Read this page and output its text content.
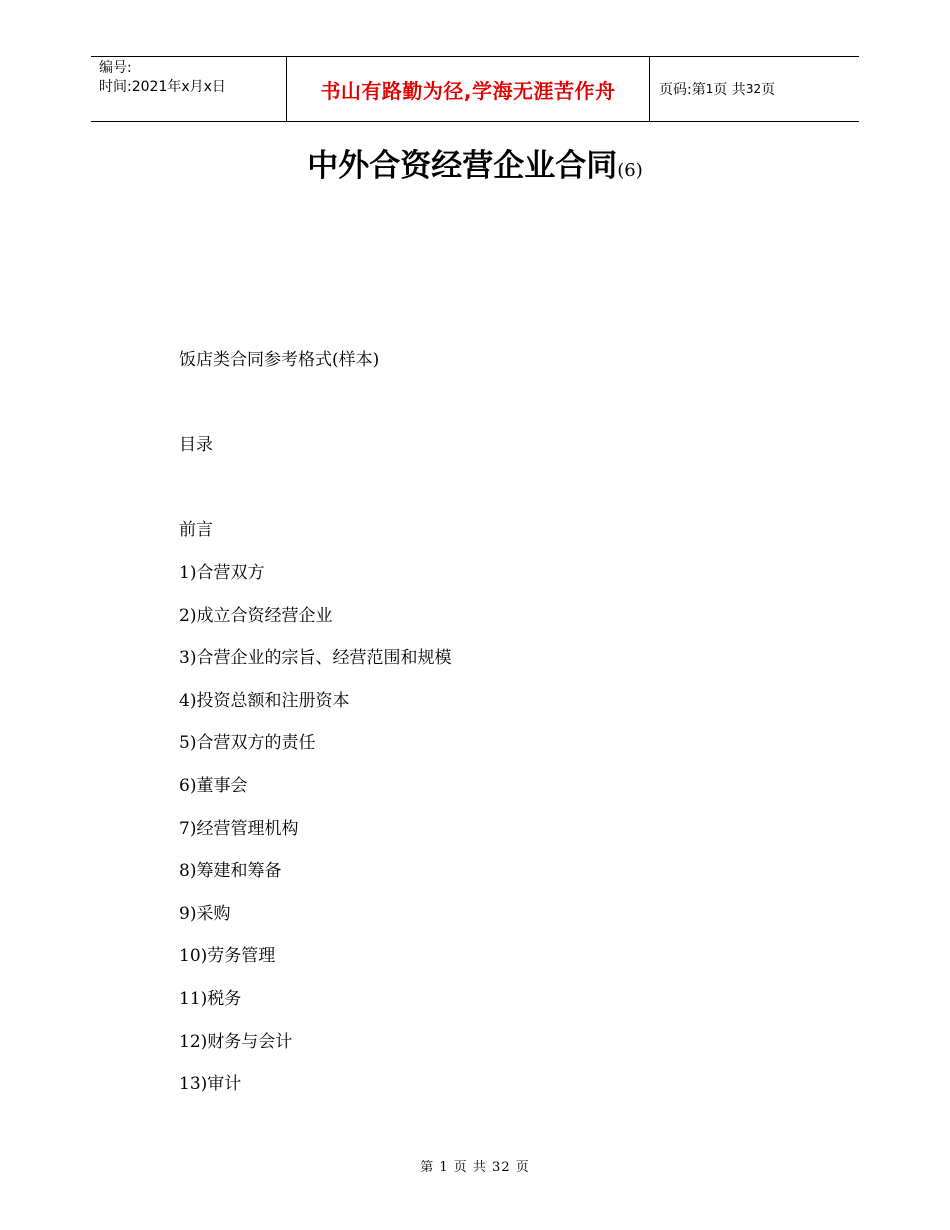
编号:
时间:2021年x月x日	书山有路勤为径,学海无涯苦作舟	页码:第 1 页 共 32 页
中外合资经营企业合同(6)
饭店类合同参考格式(样本)
目录
前言
1)合营双方
2)成立合资经营企业
3)合营企业的宗旨、经营范围和规模
4)投资总额和注册资本
5)合营双方的责任
6)董事会
7)经营管理机构
8)筹建和筹备
9)采购
10)劳务管理
11)税务
12)财务与会计
13)审计
第 1 页 共 32 页
